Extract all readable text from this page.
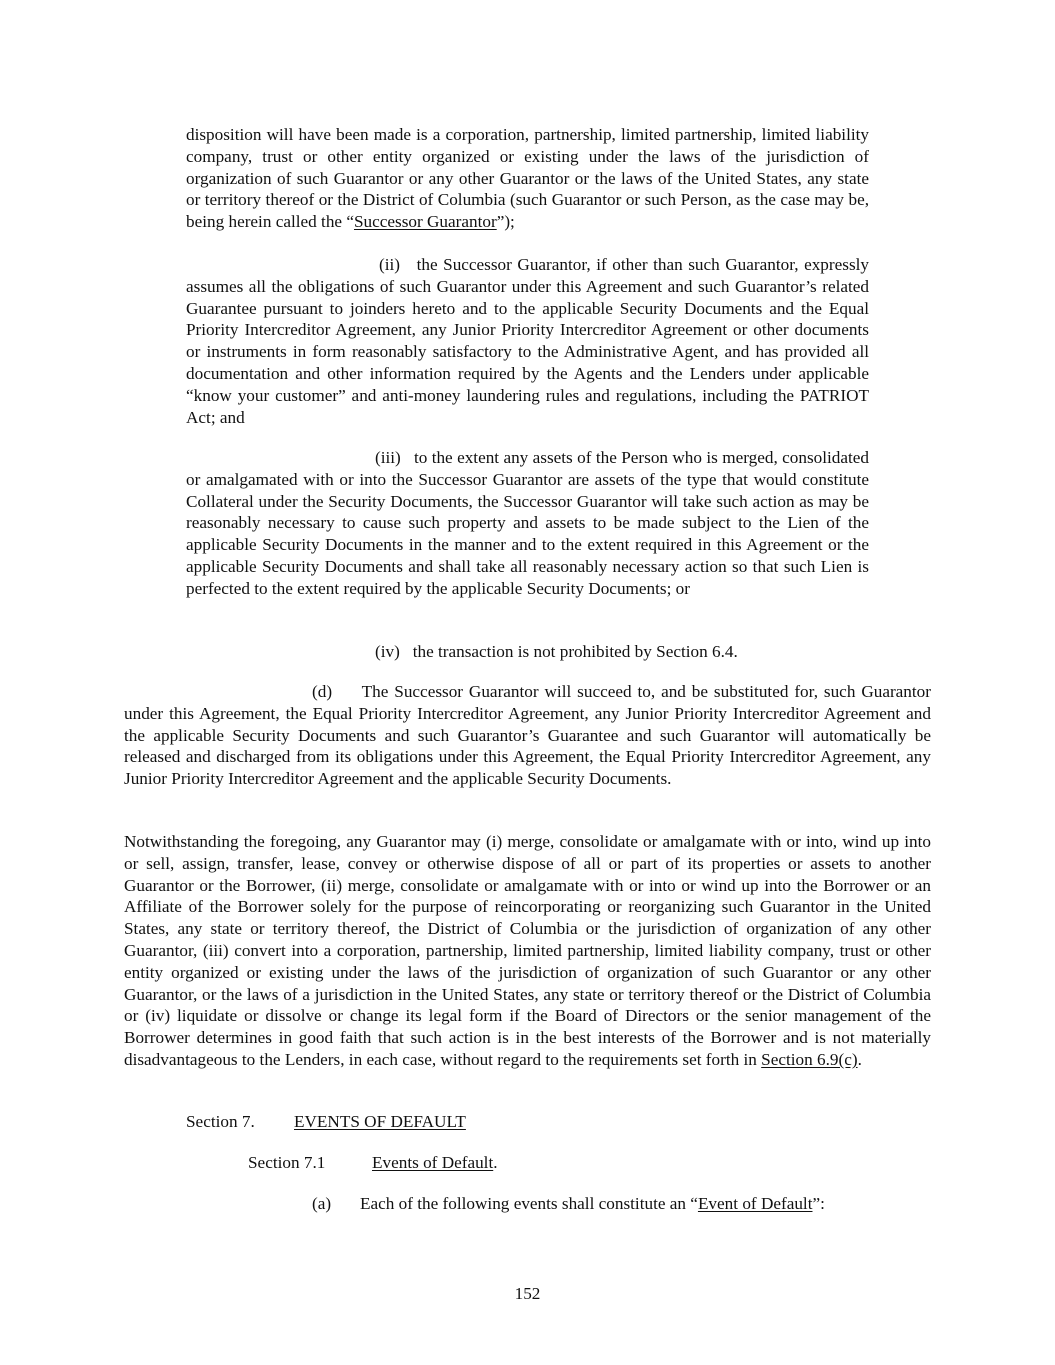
disposition will have been made is a corporation, partnership, limited partnership, limited liability company, trust or other entity organized or existing under the laws of the jurisdiction of organization of such Guarantor or any other Guarantor or the laws of the United States, any state or territory thereof or the District of Columbia (such Guarantor or such Person, as the case may be, being herein called the “Successor Guarantor”);

(ii) the Successor Guarantor, if other than such Guarantor, expressly assumes all the obligations of such Guarantor under this Agreement and such Guarantor’s related Guarantee pursuant to joinders hereto and to the applicable Security Documents and the Equal Priority Intercreditor Agreement, any Junior Priority Intercreditor Agreement or other documents or instruments in form reasonably satisfactory to the Administrative Agent, and has provided all documentation and other information required by the Agents and the Lenders under applicable “know your customer” and anti-money laundering rules and regulations, including the PATRIOT Act; and

(iii) to the extent any assets of the Person who is merged, consolidated or amalgamated with or into the Successor Guarantor are assets of the type that would constitute Collateral under the Security Documents, the Successor Guarantor will take such action as may be reasonably necessary to cause such property and assets to be made subject to the Lien of the applicable Security Documents in the manner and to the extent required in this Agreement or the applicable Security Documents and shall take all reasonably necessary action so that such Lien is perfected to the extent required by the applicable Security Documents; or

(iv) the transaction is not prohibited by Section 6.4.

(d) The Successor Guarantor will succeed to, and be substituted for, such Guarantor under this Agreement, the Equal Priority Intercreditor Agreement, any Junior Priority Intercreditor Agreement and the applicable Security Documents and such Guarantor’s Guarantee and such Guarantor will automatically be released and discharged from its obligations under this Agreement, the Equal Priority Intercreditor Agreement, any Junior Priority Intercreditor Agreement and the applicable Security Documents.

Notwithstanding the foregoing, any Guarantor may (i) merge, consolidate or amalgamate with or into, wind up into or sell, assign, transfer, lease, convey or otherwise dispose of all or part of its properties or assets to another Guarantor or the Borrower, (ii) merge, consolidate or amalgamate with or into or wind up into the Borrower or an Affiliate of the Borrower solely for the purpose of reincorporating or reorganizing such Guarantor in the United States, any state or territory thereof, the District of Columbia or the jurisdiction of organization of any other Guarantor, (iii) convert into a corporation, partnership, limited partnership, limited liability company, trust or other entity organized or existing under the laws of the jurisdiction of organization of such Guarantor or any other Guarantor, or the laws of a jurisdiction in the United States, any state or territory thereof or the District of Columbia or (iv) liquidate or dissolve or change its legal form if the Board of Directors or the senior management of the Borrower determines in good faith that such action is in the best interests of the Borrower and is not materially disadvantageous to the Lenders, in each case, without regard to the requirements set forth in Section 6.9(c).

Section 7. EVENTS OF DEFAULT
Section 7.1	Events of Default.
(a) Each of the following events shall constitute an “Event of Default”:
152
